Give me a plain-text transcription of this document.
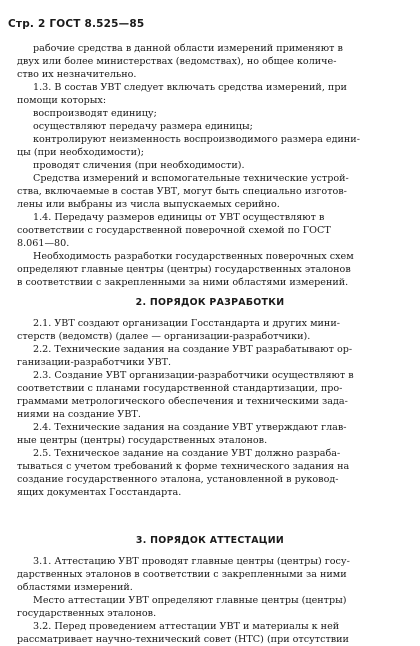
Стр. 2 ГОСТ 8.525—85
рабочие средства в данной области измерений применяют в
двух или более министерствах (ведомствах), но общее количе-
ство их незначительно.
1.3. В состав УВТ следует включать средства измерений, при
помощи которых:
воспроизводят единицу;
осуществляют передачу размера единицы;
контролируют неизменность воспроизводимого размера едини-
цы (при необходимости);
проводят сличения (при необходимости).
Средства измерений и вспомогательные технические устрой-
ства, включаемые в состав УВТ, могут быть специально изготов-
лены или выбраны из числа выпускаемых серийно.
1.4. Передачу размеров единицы от УВТ осуществляют в
соответствии с государственной поверочной схемой по ГОСТ
8.061—80.
Необходимость разработки государственных поверочных схем
определяют главные центры (центры) государственных эталонов
в соответствии с закрепленными за ними областями измерений.
2. ПОРЯДОК РАЗРАБОТКИ
2.1. УВТ создают организации Госстандарта и других мини-
стерств (ведомств) (далее — организации-разработчики).
2.2. Технические задания на создание УВТ разрабатывают ор-
ганизации-разработчики УВТ.
2.3. Создание УВТ организации-разработчики осуществляют в
соответствии с планами государственной стандартизации, про-
граммами метрологического обеспечения и техническими зада-
ниями на создание УВТ.
2.4. Технические задания на создание УВТ утверждают глав-
ные центры (центры) государственных эталонов.
2.5. Техническое задание на создание УВТ должно разраба-
тываться с учетом требований к форме технического задания на
создание государственного эталона, установленной в руковод-
ящих документах Госстандарта.
3. ПОРЯДОК АТТЕСТАЦИИ
3.1. Аттестацию УВТ проводят главные центры (центры) госу-
дарственных эталонов в соответствии с закрепленными за ними
областями измерений.
Место аттестации УВТ определяют главные центры (центры)
государственных эталонов.
3.2. Перед проведением аттестации УВТ и материалы к ней
рассматривает научно-технический совет (НТС) (при отсутствии
